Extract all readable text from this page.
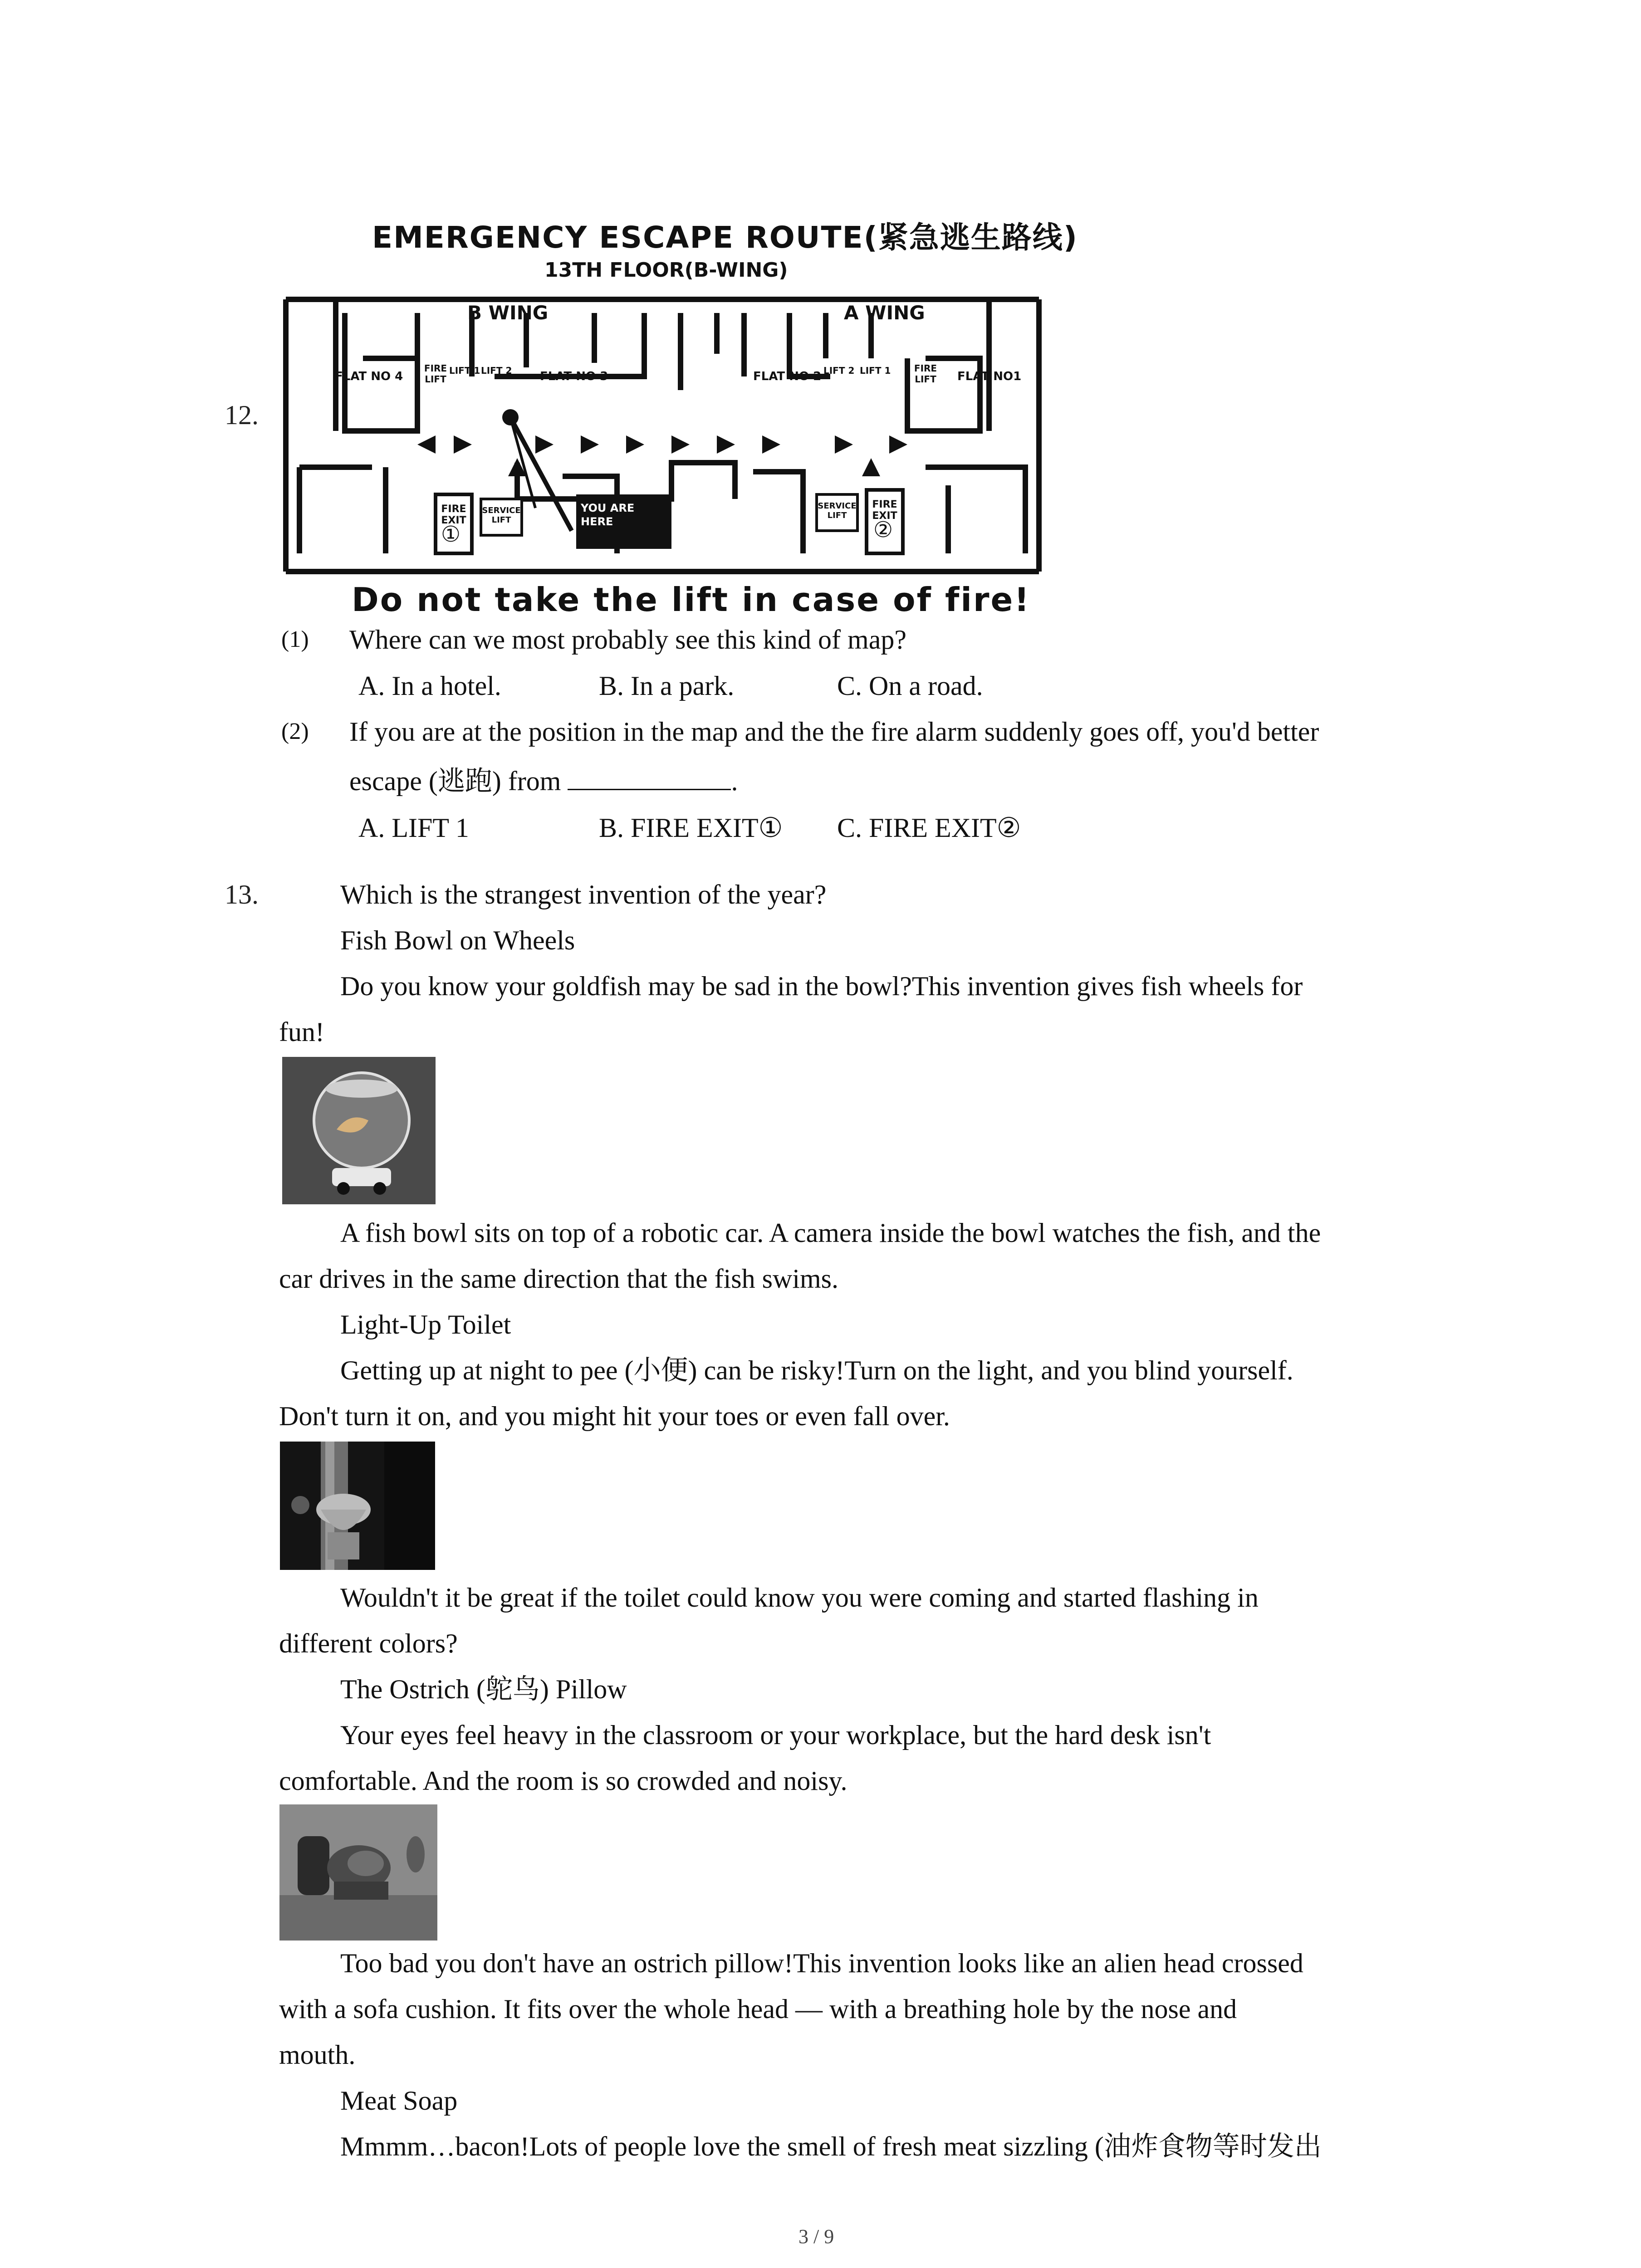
12.
EMERGENCY ESCAPE ROUTE(紧急逃生路线)
13TH FLOOR(B-WING)
FLAT NO 4	FLAT NO 3	FLAT NO 2	FLAT NO1
FIRE LIFT
FIRE LIFT
LIFT 1 LIFT 2	LIFT 2 LIFT 1
B WING	A WING
FIRE EXIT
①
FIRE EXIT
②
SERVICE LIFT
SERVICE LIFT
YOU ARE HERE
Do not take the lift in case of fire!
(1) Where can we most probably see this kind of map?
A. In a hotel.	B. In a park.	C. On a road.
(2) If you are at the position in the map and the the fire alarm suddenly goes off, you'd better
escape (逃跑) from	.
A. LIFT 1	B. FIRE EXIT① C. FIRE EXIT②
13.	Which is the strangest invention of the year?
Fish Bowl on Wheels
Do you know your goldfish may be sad in the bowl?This invention gives fish wheels for
fun!
A fish bowl sits on top of a robotic car. A camera inside the bowl watches the fish, and the
car drives in the same direction that the fish swims.
Light-Up Toilet
Getting up at night to pee (小便) can be risky!Turn on the light, and you blind yourself.
Don't turn it on, and you might hit your toes or even fall over.
Wouldn't it be great if the toilet could know you were coming and started flashing in
different colors?
The Ostrich (鸵鸟) Pillow
Your eyes feel heavy in the classroom or your workplace, but the hard desk isn't
comfortable. And the room is so crowded and noisy.
Too bad you don't have an ostrich pillow!This invention looks like an alien head crossed
with a sofa cushion. It fits over the whole head — with a breathing hole by the nose and
mouth.
Meat Soap
Mmmm…bacon!Lots of people love the smell of fresh meat sizzling (油炸食物等时发出
3 / 9
